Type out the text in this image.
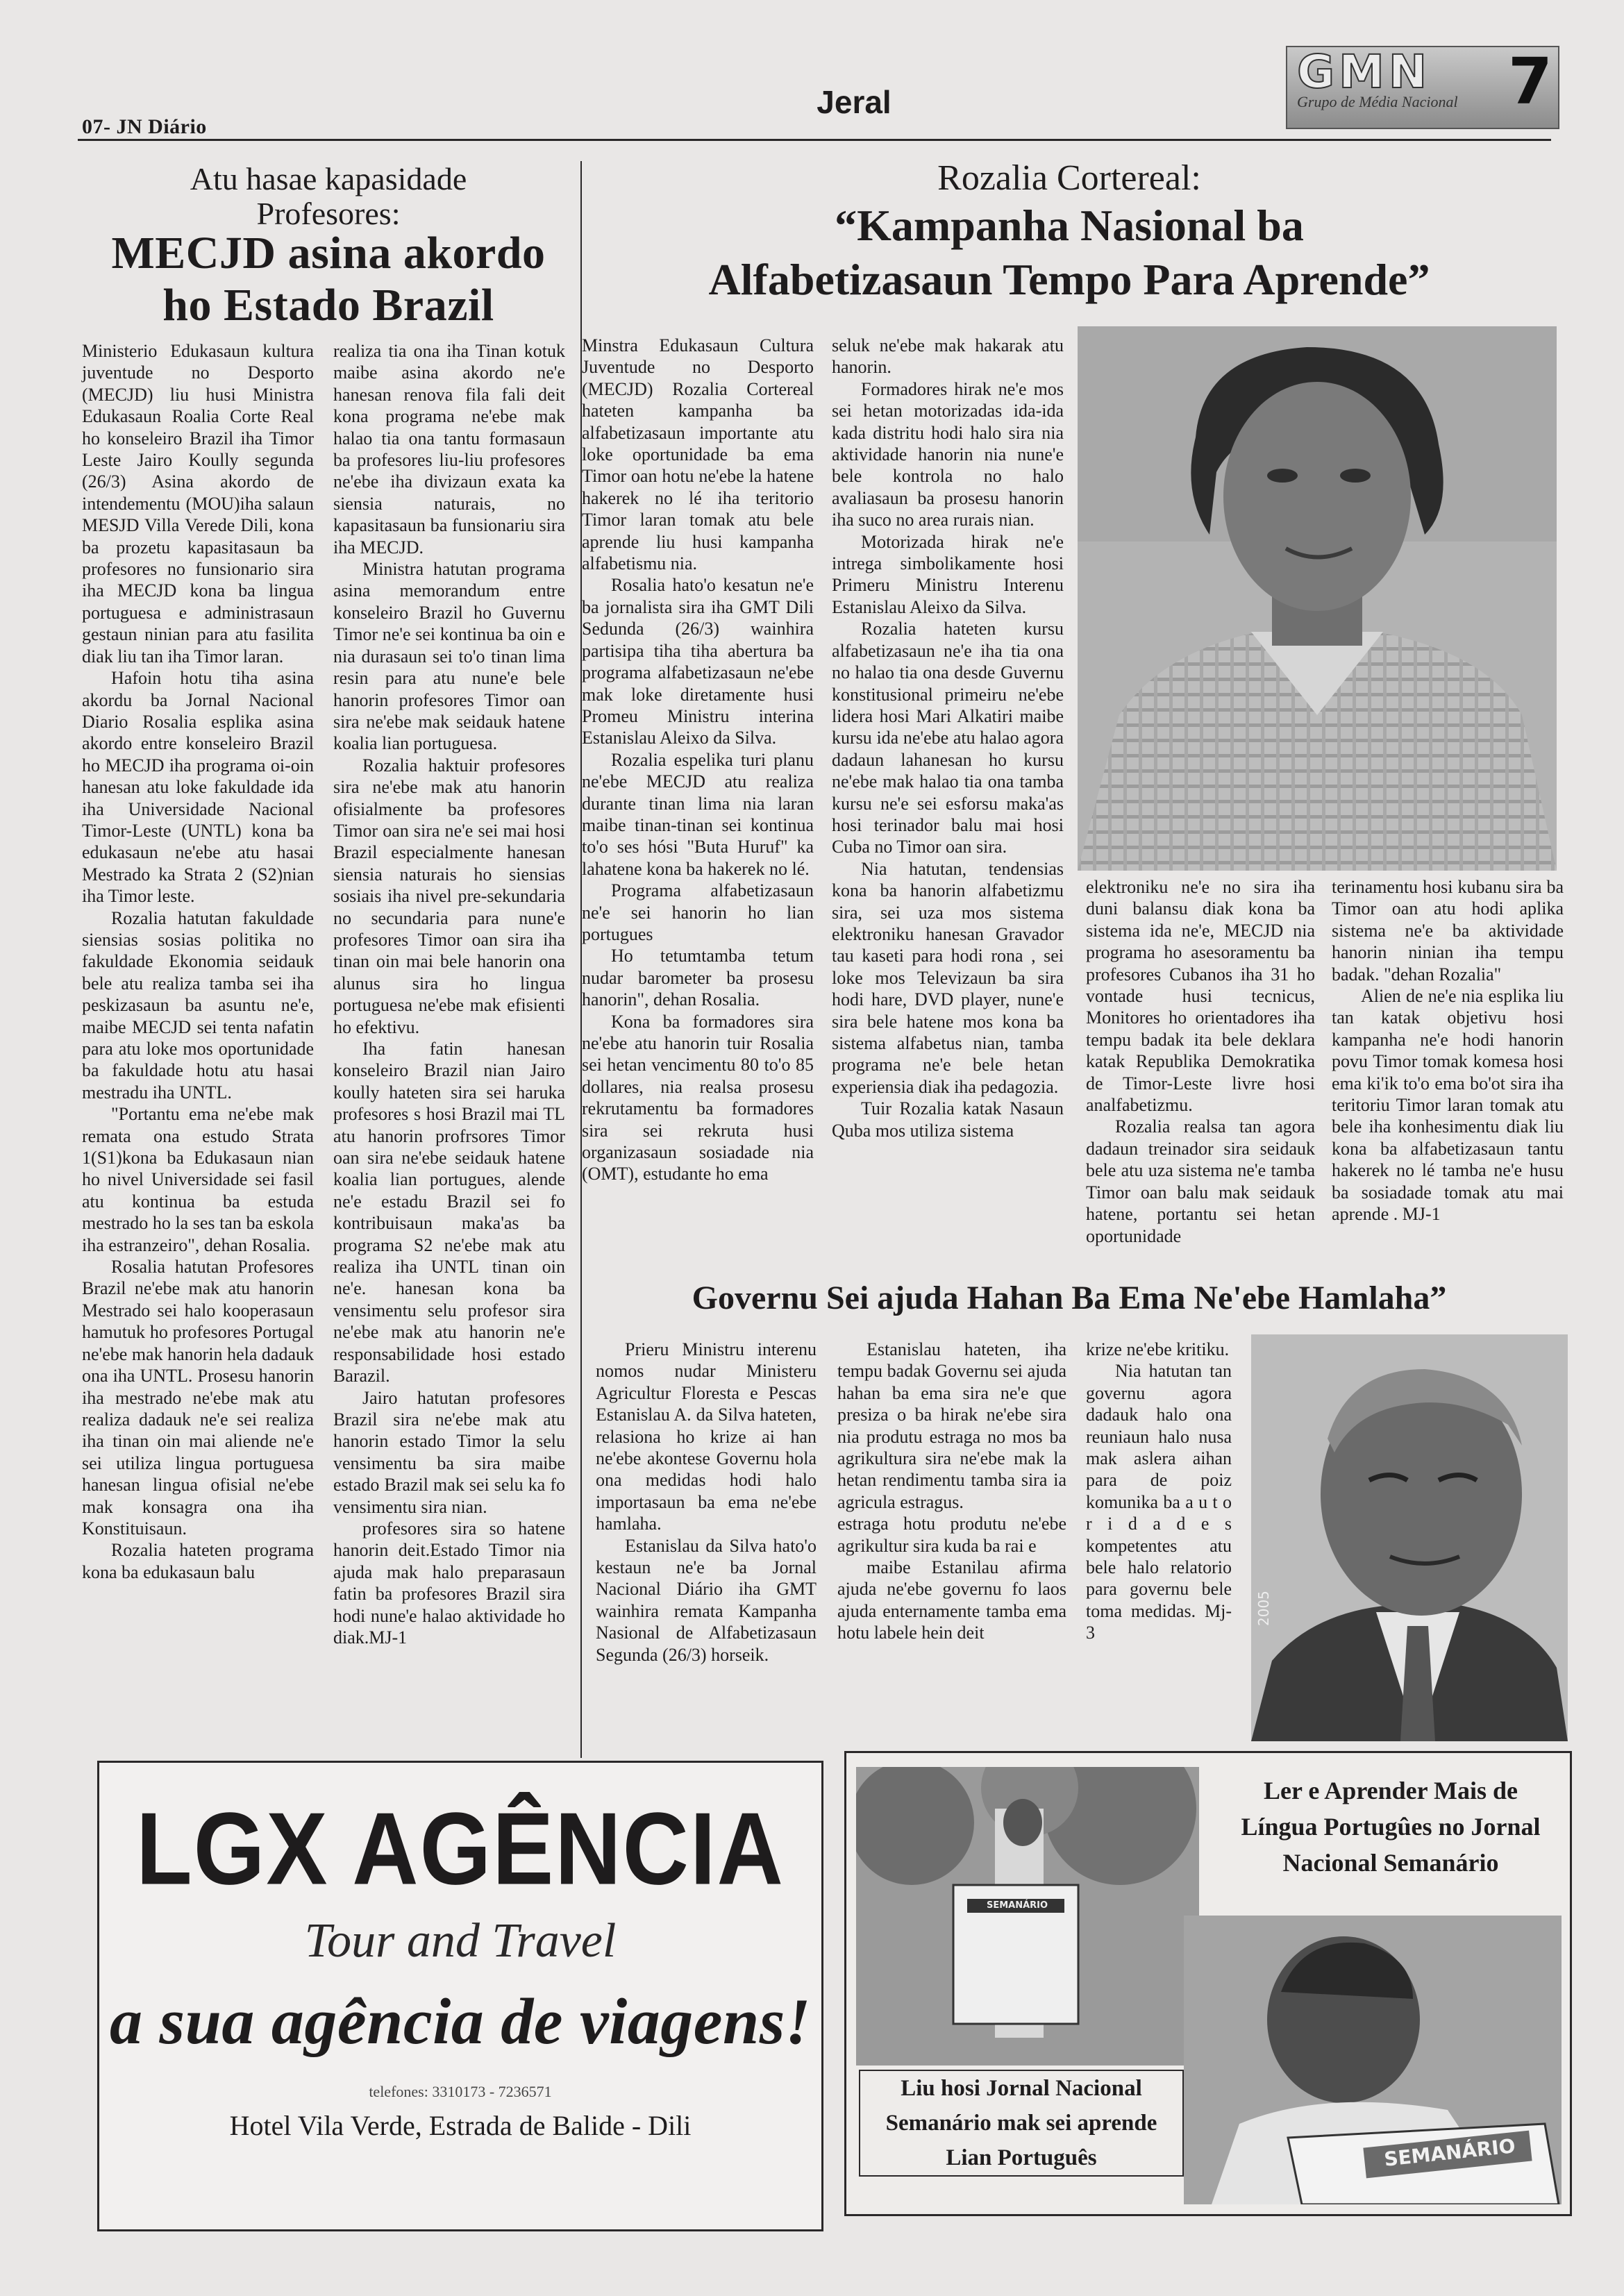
07- JN Diário
Jeral
GMN
Grupo de Média Nacional 7
Atu hasae kapasidade
Profesores:
MECJD asina akordo
ho Estado Brazil

Ministerio Edukasaun kultura juventude no Desporto (MECJD) liu husi Ministra Edukasaun Roalia Corte Real ho konseleiro Brazil iha Timor Leste Jairo Koully segunda (26/3) Asina akordo de intendementu (MOU)iha salaun MESJD Villa Verede Dili, kona ba prozetu kapasitasaun ba profesores no funsionario sira iha MECJD kona ba lingua portuguesa e administrasaun gestaun ninian para atu fasilita diak liu tan iha Timor laran.

Hafoin hotu tiha asina akordu ba Jornal Nacional Diario Rosalia esplika asina akordo entre konseleiro Brazil ho MECJD iha programa oi-oin hanesan atu loke fakuldade ida iha Universidade Nacional Timor-Leste (UNTL) kona ba edukasaun ne'ebe atu hasai Mestrado ka Strata 2 (S2)nian iha Timor leste.

Rozalia hatutan fakuldade siensias sosias politika no fakuldade Ekonomia seidauk bele atu realiza tamba sei iha peskizasaun ba asuntu ne'e, maibe MECJD sei tenta nafatin para atu loke mos oportunidade ba fakuldade hotu atu hasai mestradu iha UNTL.

"Portantu ema ne'ebe mak remata ona estudo Strata 1(S1)kona ba Edukasaun nian ho nivel Universidade sei fasil atu kontinua ba estuda mestrado ho la ses tan ba eskola iha estranzeiro", dehan Rosalia.

Rosalia hatutan Profesores Brazil ne'ebe mak atu hanorin Mestrado sei halo kooperasaun hamutuk ho profesores Portugal ne'ebe mak hanorin hela dadauk ona iha UNTL. Prosesu hanorin iha mestrado ne'ebe mak atu realiza dadauk ne'e sei realiza iha tinan oin mai aliende ne'e sei utiliza lingua portuguesa hanesan lingua ofisial ne'ebe mak konsagra ona iha Konstituisaun.

Rozalia hateten programa kona ba edukasaun balu

realiza tia ona iha Tinan kotuk maibe asina akordo ne'e hanesan renova fila fali deit kona programa ne'ebe mak halao tia ona tantu formasaun ba profesores liu-liu profesores ne'ebe iha divizaun exata ka siensia naturais, no kapasitasaun ba funsionariu sira iha MECJD.

Ministra hatutan programa asina memorandum entre konseleiro Brazil ho Guvernu Timor ne'e sei kontinua ba oin e nia durasaun sei to'o tinan lima resin para atu nune'e bele hanorin profesores Timor oan sira ne'ebe mak seidauk hatene koalia lian portuguesa.

Rozalia haktuir profesores sira ne'ebe mak atu hanorin ofisialmente ba profesores Timor oan sira ne'e sei mai hosi Brazil especialmente hanesan siensia naturais ho siensias sosiais iha nivel pre-sekundaria no secundaria para nune'e profesores Timor oan sira iha tinan oin mai bele hanorin ona alunus sira ho lingua portuguesa ne'ebe mak efisienti ho efektivu.

Iha fatin hanesan konseleiro Brazil nian Jairo koully hateten sira sei haruka profesores s hosi Brazil mai TL atu hanorin profrsores Timor oan sira ne'ebe seidauk hatene koalia lian portugues, alende ne'e estadu Brazil sei fo kontribuisaun maka'as ba programa S2 ne'ebe mak atu realiza iha UNTL tinan oin ne'e. hanesan kona ba vensimentu selu profesor sira ne'ebe mak atu hanorin ne'e responsabilidade hosi estado Barazil.

Jairo hatutan profesores Brazil sira ne'ebe mak atu hanorin estado Timor la selu vensimentu ba sira maibe estado Brazil mak sei selu ka fo vensimentu sira nian.

profesores sira so hatene hanorin deit.Estado Timor nia ajuda mak halo preparasaun fatin ba profesores Brazil sira hodi nune'e halao aktividade ho diak.MJ-1

Rozalia Cortereal:
“Kampanha Nasional ba
Alfabetizasaun Tempo Para Aprende”

Minstra Edukasaun Cultura Juventude no Desporto (MECJD) Rozalia Cortereal hateten kampanha ba alfabetizasaun importante atu loke oportunidade ba ema Timor oan hotu ne'ebe la hatene hakerek no lé iha teritorio Timor laran tomak atu bele aprende liu husi kampanha alfabetismu nia.

Rosalia hato'o kesatun ne'e ba jornalista sira iha GMT Dili Sedunda (26/3) wainhira partisipa tiha tiha abertura ba programa alfabetizasaun ne'ebe mak loke diretamente husi Promeu Ministru interina Estanislau Aleixo da Silva.

Rozalia espelika turi planu ne'ebe MECJD atu realiza durante tinan lima nia laran maibe tinan-tinan sei kontinua to'o ses hósi "Buta Huruf" ka lahatene kona ba hakerek no lé.

Programa alfabetizasaun ne'e sei hanorin ho lian portugues

Ho tetumtamba tetum nudar barometer ba prosesu hanorin", dehan Rosalia.

Kona ba formadores sira ne'ebe atu hanorin tuir Rosalia sei hetan vencimentu 80 to'o 85 dollares, nia realsa prosesu rekrutamentu ba formadores sira sei rekruta husi organizasaun sosiadade nia (OMT), estudante ho ema

seluk ne'ebe mak hakarak atu hanorin.

Formadores hirak ne'e mos sei hetan motorizadas ida-ida kada distritu hodi halo sira nia aktividade hanorin nia nune'e bele kontrola no halo avaliasaun ba prosesu hanorin iha suco no area rurais nian.

Motorizada hirak ne'e intrega simbolikamente hosi Primeru Ministru Interenu Estanislau Aleixo da Silva.

Rozalia hateten kursu alfabetizasaun ne'e iha tia ona no halao tia ona desde Guvernu konstitusional primeiru ne'ebe lidera hosi Mari Alkatiri maibe kursu ida ne'ebe atu halao agora dadaun lahanesan ho kursu ne'ebe mak halao tia ona tamba kursu ne'e sei esforsu maka'as hosi terinador balu mai hosi Cuba no Timor oan sira.

Nia hatutan, tendensias kona ba hanorin alfabetizmu sira, sei uza mos sistema elektroniku hanesan Gravador tau kaseti para hodi rona , sei loke mos Televizaun ba sira hodi hare, DVD player, nune'e sira bele hatene mos kona ba sistema alfabetus nian, tamba programa ne'e bele hetan experiensia diak iha pedagozia.

Tuir Rozalia katak Nasaun Quba mos utiliza sistema

elektroniku ne'e no sira iha duni balansu diak kona ba sistema ida ne'e, MECJD nia programa ho asesoramentu ba profesores Cubanos iha 31 ho vontade husi tecnicus, Monitores ho orientadores iha tempu badak ita bele deklara katak Republika Demokratika de Timor-Leste livre hosi analfabetizmu.

Rozalia realsa tan agora dadaun treinador sira seidauk bele atu uza sistema ne'e tamba Timor oan balu mak seidauk hatene, portantu sei hetan oportunidade

terinamentu hosi kubanu sira ba Timor oan atu hodi aplika sistema ne'e ba aktividade hanorin ninian iha tempu badak. "dehan Rozalia"

Alien de ne'e nia esplika liu tan katak objetivu hosi kampanha ne'e hodi hanorin povu Timor tomak komesa hosi ema ki'ik to'o ema bo'ot sira iha teritoriu Timor laran tomak atu bele iha konhesimentu diak liu kona ba alfabetizasaun tantu hakerek no lé tamba ne'e husu ba sosiadade tomak atu mai aprende . MJ-1

Governu Sei ajuda Hahan Ba Ema Ne'ebe Hamlaha”

Prieru Ministru interenu nomos nudar Ministeru Agricultur Floresta e Pescas Estanislau A. da Silva hateten, relasiona ho krize ai han ne'ebe akontese Governu hola ona medidas hodi halo importasaun ba ema ne'ebe hamlaha.

Estanislau da Silva hato'o kestaun ne'e ba Jornal Nacional Diário iha GMT wainhira remata Kampanha Nasional de Alfabetizasaun Segunda (26/3) horseik.

Estanislau hateten, iha tempu badak Governu sei ajuda hahan ba ema sira ne'e que presiza o ba hirak ne'ebe sira nia produtu estraga no mos ba agrikultura sira ne'ebe mak la hetan rendimentu tamba sira ia agricula estragus.

estraga hotu produtu ne'ebe agrikultur sira kuda ba rai e

maibe Estanilau afirma ajuda ne'ebe governu fo laos ajuda enternamente tamba ema hotu labele hein deit

krize ne'ebe kritiku.

Nia hatutan tan governu agora dadauk halo ona reuniaun halo nusa mak aslera aihan para de poiz komunika ba a u t o r i d a d e s kompetentes atu bele halo relatorio para governu bele toma medidas. Mj-3

2005
LGX AGÊNCIA
Tour and Travel
a sua agência de viagens!
telefones: 3310173 - 7236571
Hotel Vila Verde, Estrada de Balide - Dili
SEMANÁRIO
Ler e Aprender Mais de Língua Portugûes no Jornal Nacional Semanário
SEMANÁRIO
Liu hosi Jornal Nacional Semanário mak sei aprende Lian Português
